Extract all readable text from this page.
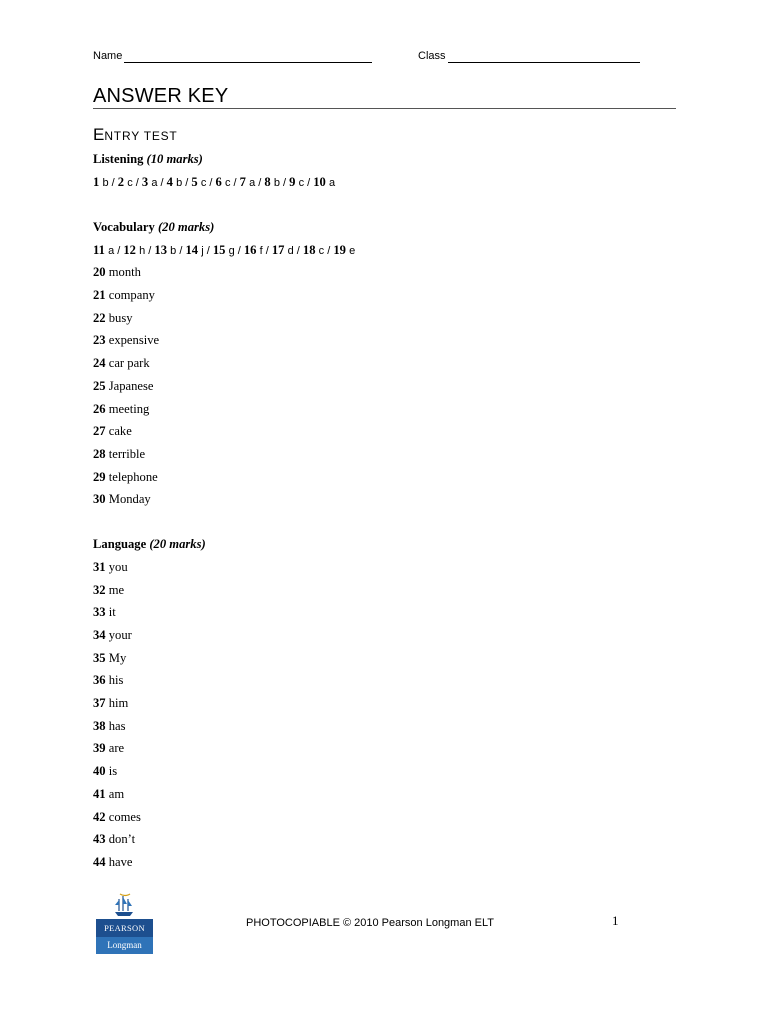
Name	Class
ANSWER KEY
ENTRY TEST
Listening (10 marks)
1 b / 2 c / 3 a / 4 b / 5 c / 6 c / 7 a / 8 b / 9 c / 10 a
Vocabulary (20 marks)
11 a / 12 h / 13 b / 14 j / 15 g / 16 f / 17 d / 18 c / 19 e
20 month
21 company
22 busy
23 expensive
24 car park
25 Japanese
26 meeting
27 cake
28 terrible
29 telephone
30 Monday
Language (20 marks)
31 you
32 me
33 it
34 your
35 My
36 his
37 him
38 has
39 are
40 is
41 am
42 comes
43 don’t
44 have
PEARSON
Longman
PHOTOCOPIABLE © 2010 Pearson Longman ELT	1
